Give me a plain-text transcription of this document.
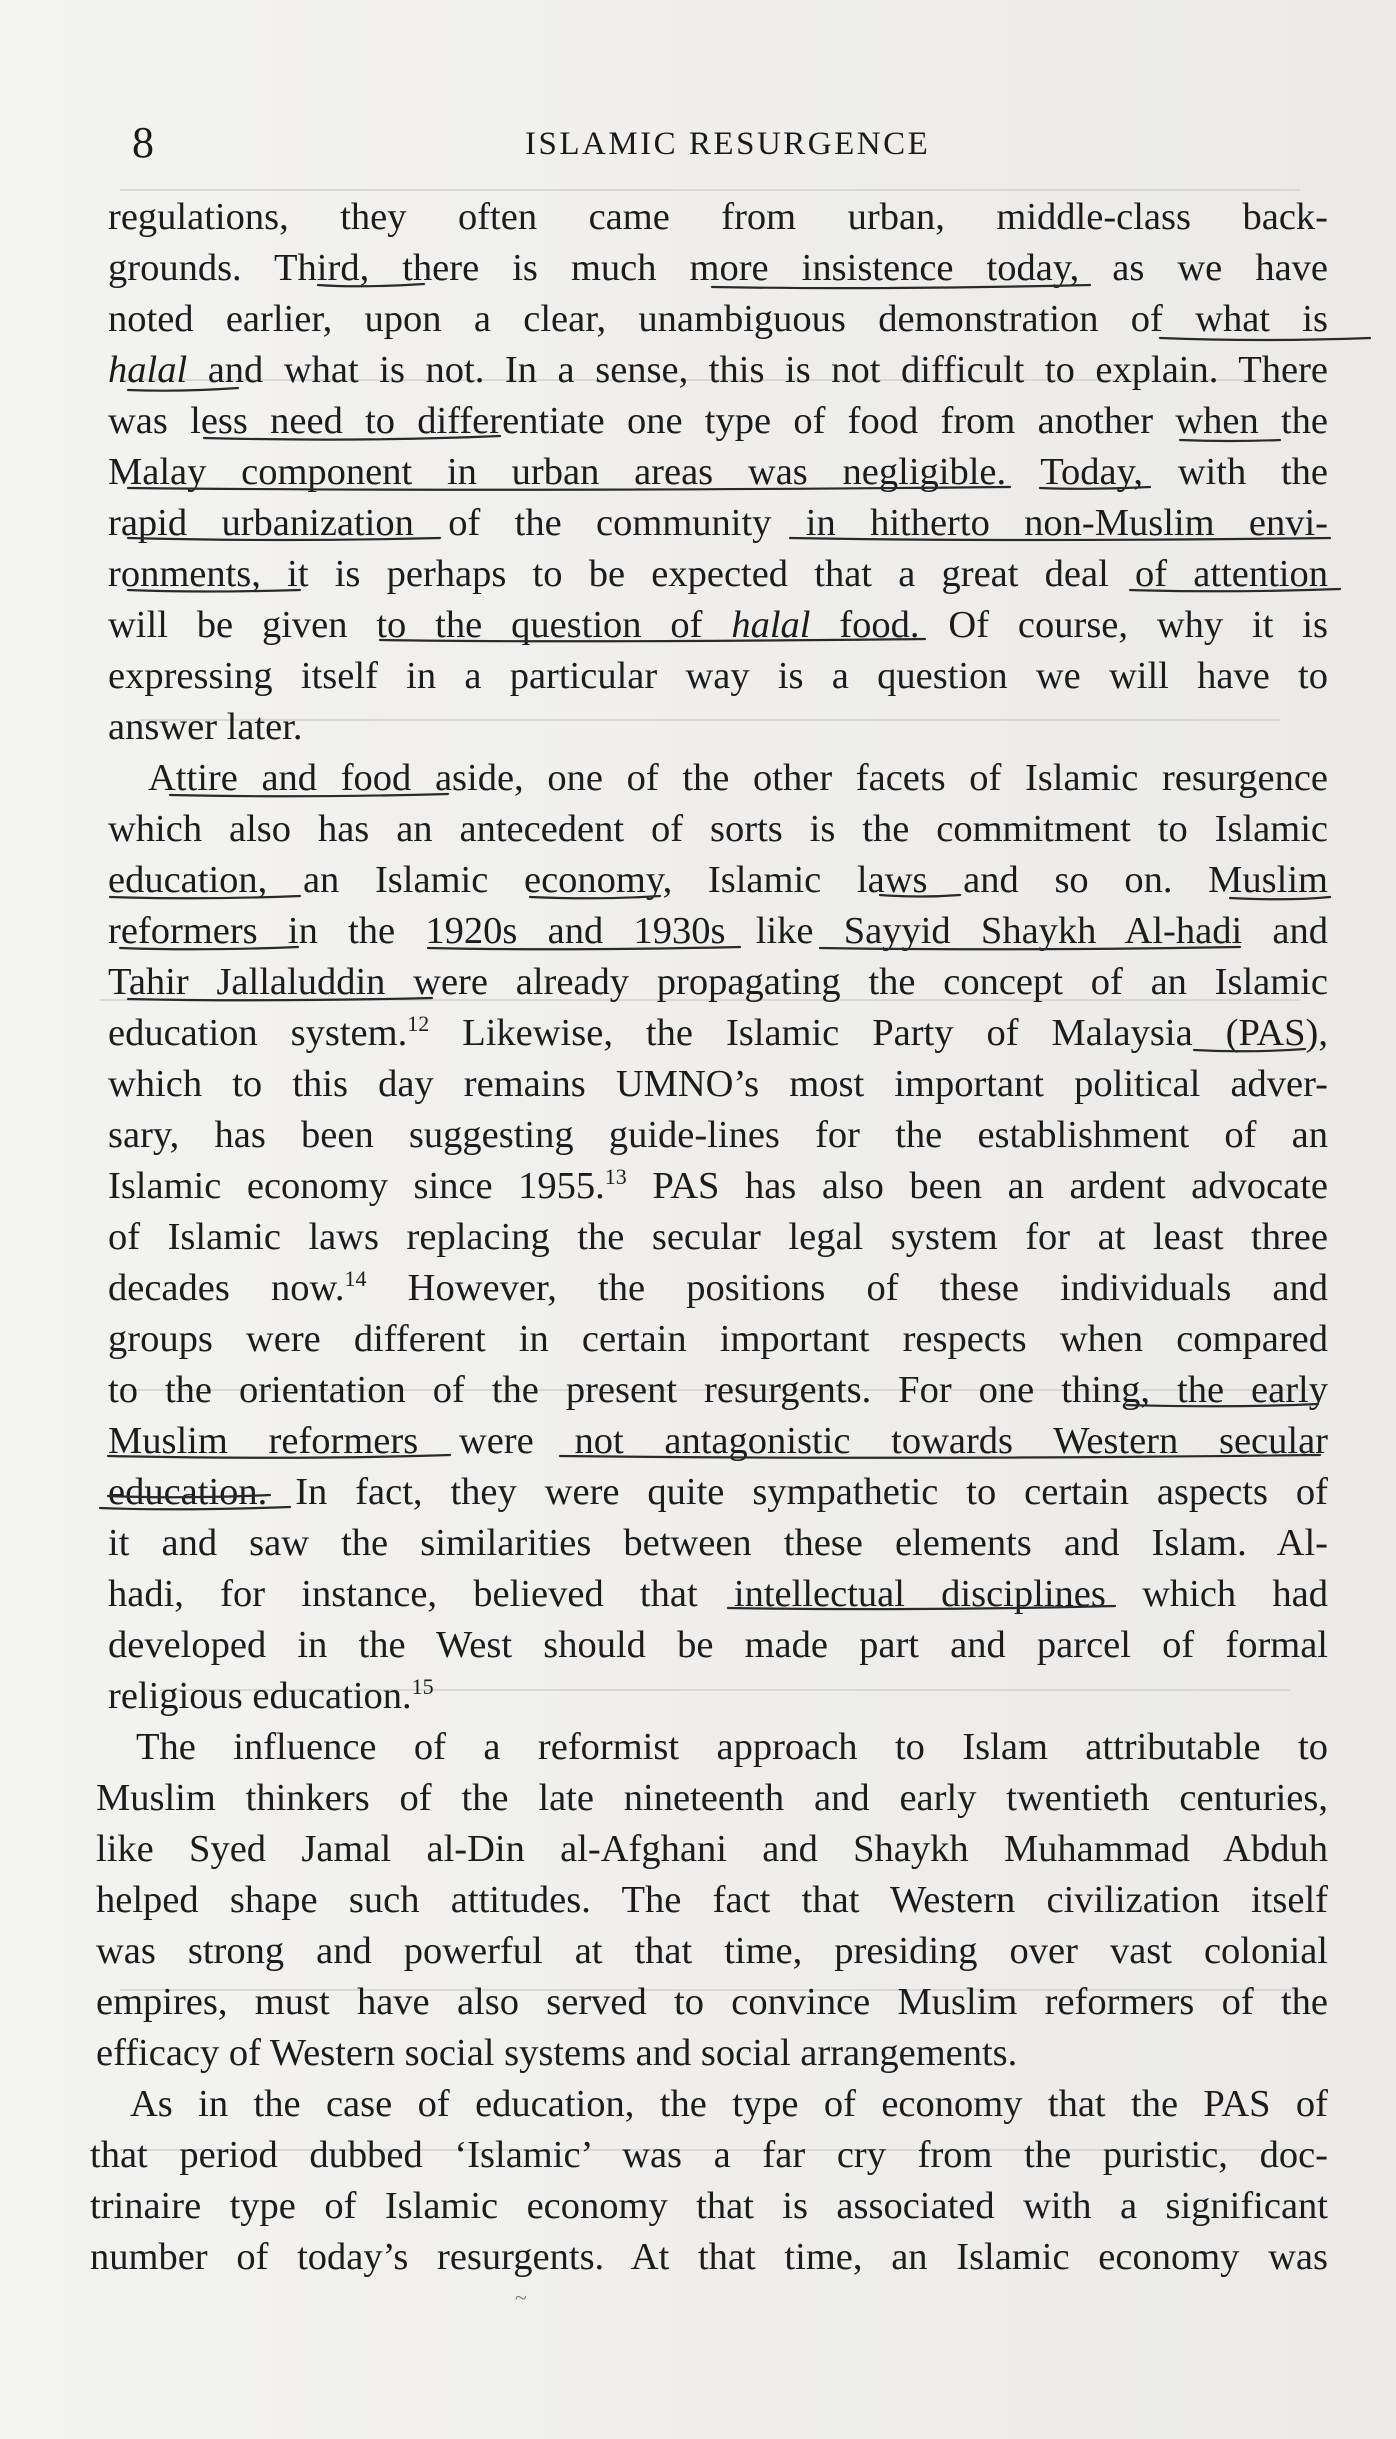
8	ISLAMIC RESURGENCE
regulations, they often came from urban, middle-class back-
grounds. Third, there is much more insistence today, as we have
noted earlier, upon a clear, unambiguous demonstration of what is
halal and what is not. In a sense, this is not difficult to explain. There
was less need to differentiate one type of food from another when the
Malay component in urban areas was negligible. Today, with the
rapid urbanization of the community in hitherto non-Muslim envi-
ronments, it is perhaps to be expected that a great deal of attention
will be given to the question of halal food. Of course, why it is
expressing itself in a particular way is a question we will have to
answer later.
Attire and food aside, one of the other facets of Islamic resurgence
which also has an antecedent of sorts is the commitment to Islamic
education, an Islamic economy, Islamic laws and so on. Muslim
reformers in the 1920s and 1930s like Sayyid Shaykh Al-hadi and
Tahir Jallaluddin were already propagating the concept of an Islamic
education system.$^{12}$ Likewise, the Islamic Party of Malaysia (PAS),
which to this day remains UMNO’s most important political adver-
sary, has been suggesting guide-lines for the establishment of an
Islamic economy since 1955.13 PAS has also been an ardent advocate
of Islamic laws replacing the secular legal system for at least three
decades now.$^{14}$ However, the positions of these individuals and
groups were different in certain important respects when compared
to the orientation of the present resurgents. For one thing, the early
Muslim reformers were not antagonistic towards Western secular
education. In fact, they were quite sympathetic to certain aspects of
it and saw the similarities between these elements and Islam. Al-
hadi, for instance, believed that intellectual disciplines which had
developed in the West should be made part and parcel of formal
religious education.$^{15}$
The influence of a reformist approach to Islam attributable to
Muslim thinkers of the late nineteenth and early twentieth centuries,
like Syed Jamal al-Din al-Afghani and Shaykh Muhammad Abduh
helped shape such attitudes. The fact that Western civilization itself
was strong and powerful at that time, presiding over vast colonial
empires, must have also served to convince Muslim reformers of the
efficacy of Western social systems and social arrangements.
As in the case of education, the type of economy that the PAS of
that period dubbed ‘Islamic’ was a far cry from the puristic, doc-
trinaire type of Islamic economy that is associated with a significant
number of today’s resurgents. At that time, an Islamic economy was
~
